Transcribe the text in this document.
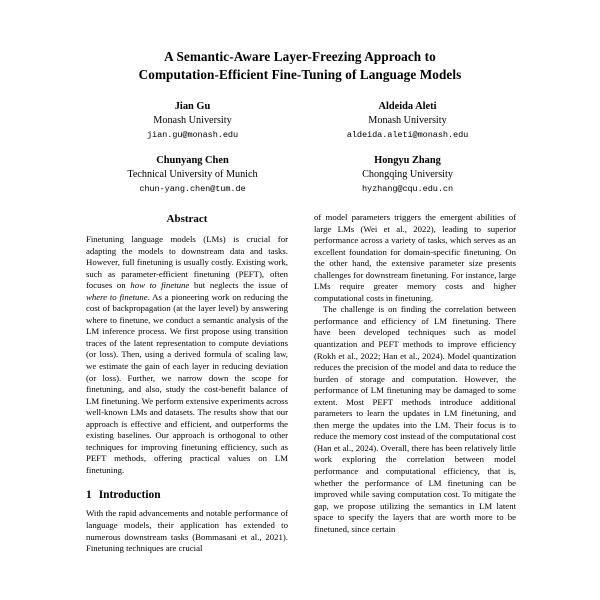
A Semantic-Aware Layer-Freezing Approach to
Computation-Efficient Fine-Tuning of Language Models
Jian Gu
Monash University
jian.gu@monash.edu
Aldeida Aleti
Monash University
aldeida.aleti@monash.edu
Chunyang Chen
Technical University of Munich
chun-yang.chen@tum.de
Hongyu Zhang
Chongqing University
hyzhang@cqu.edu.cn
Abstract

Finetuning language models (LMs) is crucial for adapting the models to downstream data and tasks. However, full finetuning is usually costly. Existing work, such as parameter-efficient finetuning (PEFT), often focuses on how to finetune but neglects the issue of where to finetune. As a pioneering work on reducing the cost of backpropagation (at the layer level) by answering where to finetune, we conduct a semantic analysis of the LM inference process. We first propose using transition traces of the latent representation to compute deviations (or loss). Then, using a derived formula of scaling law, we estimate the gain of each layer in reducing deviation (or loss). Further, we narrow down the scope for finetuning, and also, study the cost-benefit balance of LM finetuning. We perform extensive experiments across well-known LMs and datasets. The results show that our approach is effective and efficient, and outperforms the existing baselines. Our approach is orthogonal to other techniques for improving finetuning efficiency, such as PEFT methods, offering practical values on LM finetuning.

1 Introduction

With the rapid advancements and notable performance of language models, their application has extended to numerous downstream tasks (Bommasani et al., 2021). Finetuning techniques are crucial

of model parameters triggers the emergent abilities of large LMs (Wei et al., 2022), leading to superior performance across a variety of tasks, which serves as an excellent foundation for domain-specific finetuning. On the other hand, the extensive parameter size presents challenges for downstream finetuning. For instance, large LMs require greater memory costs and higher computational costs in finetuning.

The challenge is on finding the correlation between performance and efficiency of LM finetuning. There have been developed techniques such as model quantization and PEFT methods to improve efficiency (Rokh et al., 2022; Han et al., 2024). Model quantization reduces the precision of the model and data to reduce the burden of storage and computation. However, the performance of LM finetuning may be damaged to some extent. Most PEFT methods introduce additional parameters to learn the updates in LM finetuning, and then merge the updates into the LM. Their focus is to reduce the memory cost instead of the computational cost (Han et al., 2024). Overall, there has been relatively little work exploring the correlation between model performance and computational efficiency, that is, whether the performance of LM finetuning can be improved while saving computation cost. To mitigate the gap, we propose utilizing the semantics in LM latent space to specify the layers that are worth more to be finetuned, since certain
